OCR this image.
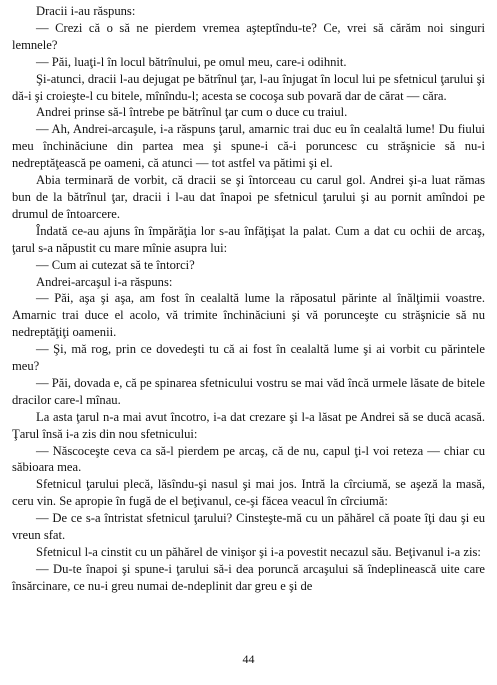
Dracii i-au răspuns:

— Crezi că o să ne pierdem vremea aşteptîndu-te? Ce, vrei să cărăm noi singuri lemnele?

— Păi, luaţi-l în locul bătrînului, pe omul meu, care-i odihnit.

Şi-atunci, dracii l-au dejugat pe bătrînul ţar, l-au înjugat în locul lui pe sfetnicul ţarului şi dă-i şi croieşte-l cu bitele, mînîndu-l; acesta se cocoşa sub povară dar de cărat — căra.

Andrei prinse să-l întrebe pe bătrînul ţar cum o duce cu traiul.

— Ah, Andrei-arcaşule, i-a răspuns ţarul, amarnic trai duc eu în cealaltă lume! Du fiului meu închinăciune din partea mea şi spune-i că-i poruncesc cu străşnicie să nu-i nedreptăţească pe oameni, că atunci — tot astfel va pătimi şi el.

Abia terminară de vorbit, că dracii se şi întorceau cu carul gol. Andrei şi-a luat rămas bun de la bătrînul ţar, dracii i l-au dat înapoi pe sfetnicul ţarului şi au pornit amîndoi pe drumul de întoarcere.

Îndată ce-au ajuns în împărăţia lor s-au înfăţişat la palat. Cum a dat cu ochii de arcaş, ţarul s-a năpustit cu mare mînie asupra lui:

— Cum ai cutezat să te întorci?

Andrei-arcaşul i-a răspuns:

— Păi, aşa şi aşa, am fost în cealaltă lume la răposatul părinte al înălţimii voastre. Amarnic trai duce el acolo, vă trimite închinăciuni şi vă porunceşte cu străşnicie să nu nedreptăţiţi oamenii.

— Şi, mă rog, prin ce dovedeşti tu că ai fost în cealaltă lume şi ai vorbit cu părintele meu?

— Păi, dovada e, că pe spinarea sfetnicului vostru se mai văd încă urmele lăsate de bitele dracilor care-l mînau.

La asta ţarul n-a mai avut încotro, i-a dat crezare şi l-a lăsat pe Andrei să se ducă acasă. Ţarul însă i-a zis din nou sfetnicului:

— Născoceşte ceva ca să-l pierdem pe arcaş, că de nu, capul ţi-l voi reteza — chiar cu săbioara mea.

Sfetnicul ţarului plecă, lăsîndu-şi nasul şi mai jos. Intră la cîrciumă, se aşeză la masă, ceru vin. Se apropie în fugă de el beţivanul, ce-şi făcea veacul în cîrciumă:

— De ce s-a întristat sfetnicul ţarului? Cinsteşte-mă cu un păhărel că poate îţi dau şi eu vreun sfat.

Sfetnicul l-a cinstit cu un păhărel de vinişor şi i-a povestit necazul său. Beţivanul i-a zis:

— Du-te înapoi şi spune-i ţarului să-i dea poruncă arcaşului să îndeplinească uite care însărcinare, ce nu-i greu numai de-ndeplinit dar greu e şi de

44
